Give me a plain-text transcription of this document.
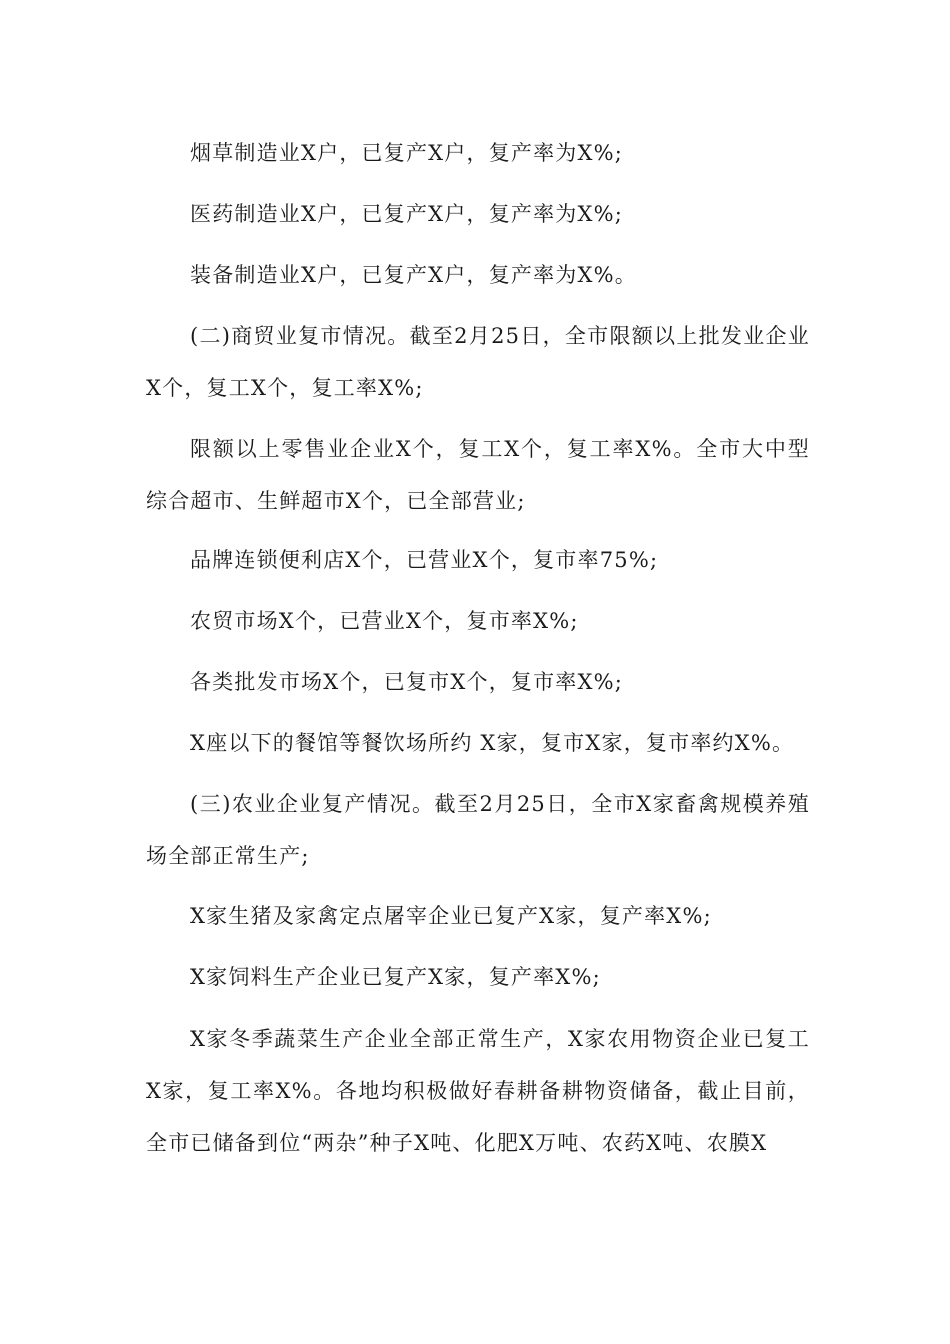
烟草制造业X户，已复产X户，复产率为X%;

医药制造业X户，已复产X户，复产率为X%;

装备制造业X户，已复产X户，复产率为X%。

(二)商贸业复市情况。截至2月25日，全市限额以上批发业企业X个，复工X个，复工率X%;

限额以上零售业企业X个，复工X个，复工率X%。全市大中型综合超市、生鲜超市X个，已全部营业;

品牌连锁便利店X个，已营业X个，复市率75%;

农贸市场X个，已营业X个，复市率X%;

各类批发市场X个，已复市X个，复市率X%;

X座以下的餐馆等餐饮场所约 X家，复市X家，复市率约X%。

(三)农业企业复产情况。截至2月25日，全市X家畜禽规模养殖场全部正常生产;

X家生猪及家禽定点屠宰企业已复产X家，复产率X%;

X家饲料生产企业已复产X家，复产率X%;

X家冬季蔬菜生产企业全部正常生产，X家农用物资企业已复工X家，复工率X%。各地均积极做好春耕备耕物资储备，截止目前，全市已储备到位“两杂”种子X吨、化肥X万吨、农药X吨、农膜X
